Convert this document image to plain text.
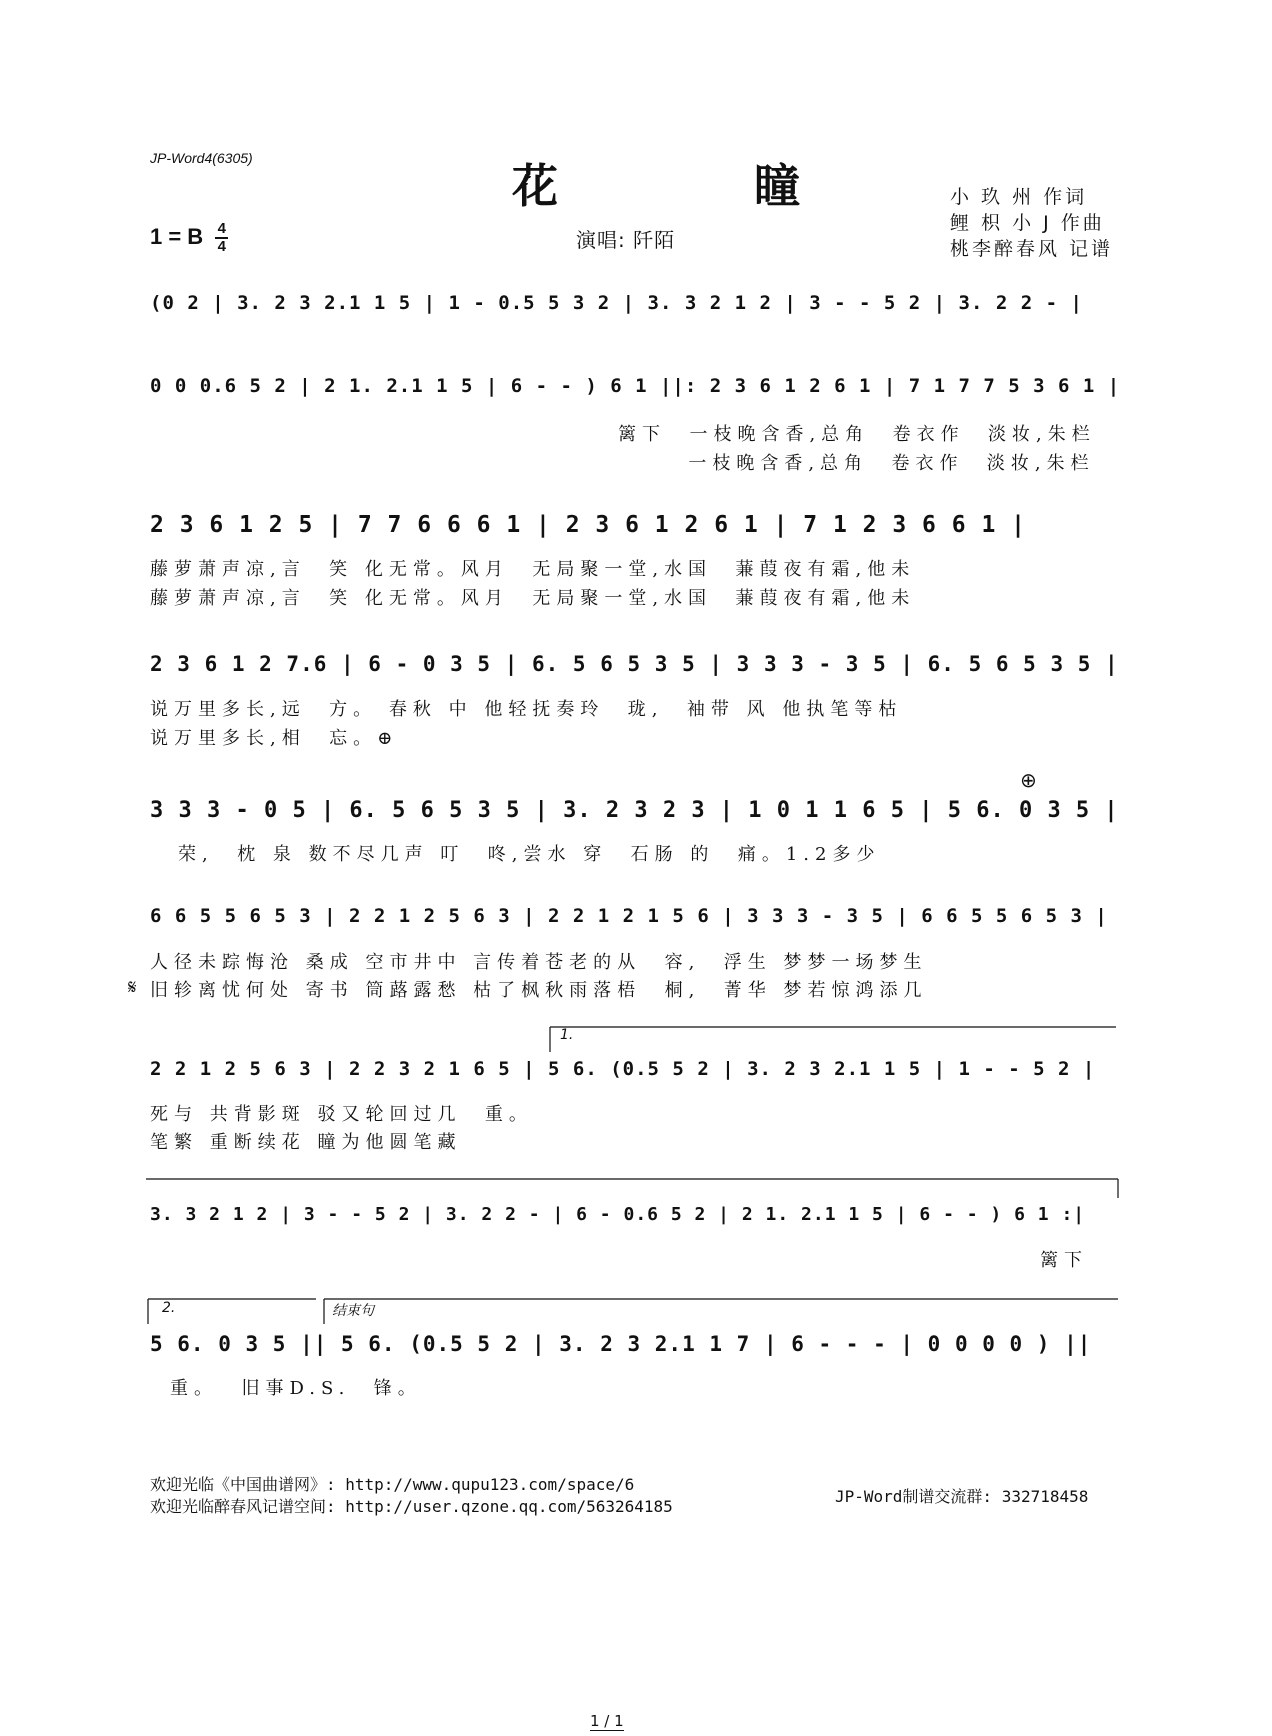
JP-Word4(6305)
花 瞳	小 玖 州 作词
鲤 枳 小 J 作曲
桃李醉春风 记谱
1 = B $\frac{4}{4}$	演唱: 阡陌
(0 2 | 3. 2 3 2.1 1 5 | 1 - 0.5 5 3 2 | 3. 3 2 1 2 | 3 - - 5 2 | 3. 2 2 - |
0 0 0.6 5 2 | 2 1. 2.1 1 5 | 6 - - ) 6 1 ||: 2 3 6 1 2 6 1 | 7 1 7 7 5 3 6 1 |
篱下  一枝晚含香,总角  卷衣作  淡妆,朱栏
一枝晚含香,总角  卷衣作  淡妆,朱栏
2 3 6 1 2 5 | 7 7 6 6 6 1 | 2 3 6 1 2 6 1 | 7 1 2 3 6 6 1 |
藤萝萧声凉,言  笑 化无常。风月  无局聚一堂,水国  蒹葭夜有霜,他未
藤萝萧声凉,言  笑 化无常。风月  无局聚一堂,水国  蒹葭夜有霜,他未
2 3 6 1 2 7.6 | 6 - 0 3 5 | 6. 5 6 5 3 5 | 3 3 3 - 3 5 | 6. 5 6 5 3 5 |
说万里多长,远  方。 春秋 中 他轻抚奏玲  珑,  袖带 风 他执笔等枯
说万里多长,相  忘。⊕
⊕
3 3 3 - 0 5 | 6. 5 6 5 3 5 | 3. 2 3 2 3 | 1 0 1 1 6 5 | 5 6. 0 3 5 |
荣,  枕 泉 数不尽几声 叮  咚,尝水 穿  石肠 的  痛。1.2多少
6 6 5 5 6 5 3 | 2 2 1 2 5 6 3 | 2 2 1 2 1 5 6 | 3 3 3 - 3 5 | 6 6 5 5 6 5 3 |
𝄋
人径未踪悔沧 桑成 空市井中 言传着苍老的从  容,  浮生 梦梦一场梦生
旧轸离忧何处 寄书 筒蕗露愁 枯了枫秋雨落梧  桐,  菁华 梦若惊鸿添几
1.
2 2 1 2 5 6 3 | 2 2 3 2 1 6 5 | 5 6. (0.5 5 2 | 3. 2 3 2.1 1 5 | 1 - - 5 2 |
死与 共背影斑 驳又轮回过几  重。
笔繁 重断续花 瞳为他圆笔藏
3. 3 2 1 2 | 3 - - 5 2 | 3. 2 2 - | 6 - 0.6 5 2 | 2 1. 2.1 1 5 | 6 - - ) 6 1 :|
篱下
2.	结束句
5 6. 0 3 5 || 5 6. (0.5 5 2 | 3. 2 3 2.1 1 7 | 6 - - - | 0 0 0 0 ) ||
重。  旧事D.S.  锋。
欢迎光临《中国曲谱网》: http://www.qupu123.com/space/6
欢迎光临醉春风记谱空间: http://user.qzone.qq.com/563264185
JP-Word制谱交流群: 332718458
1 / 1
